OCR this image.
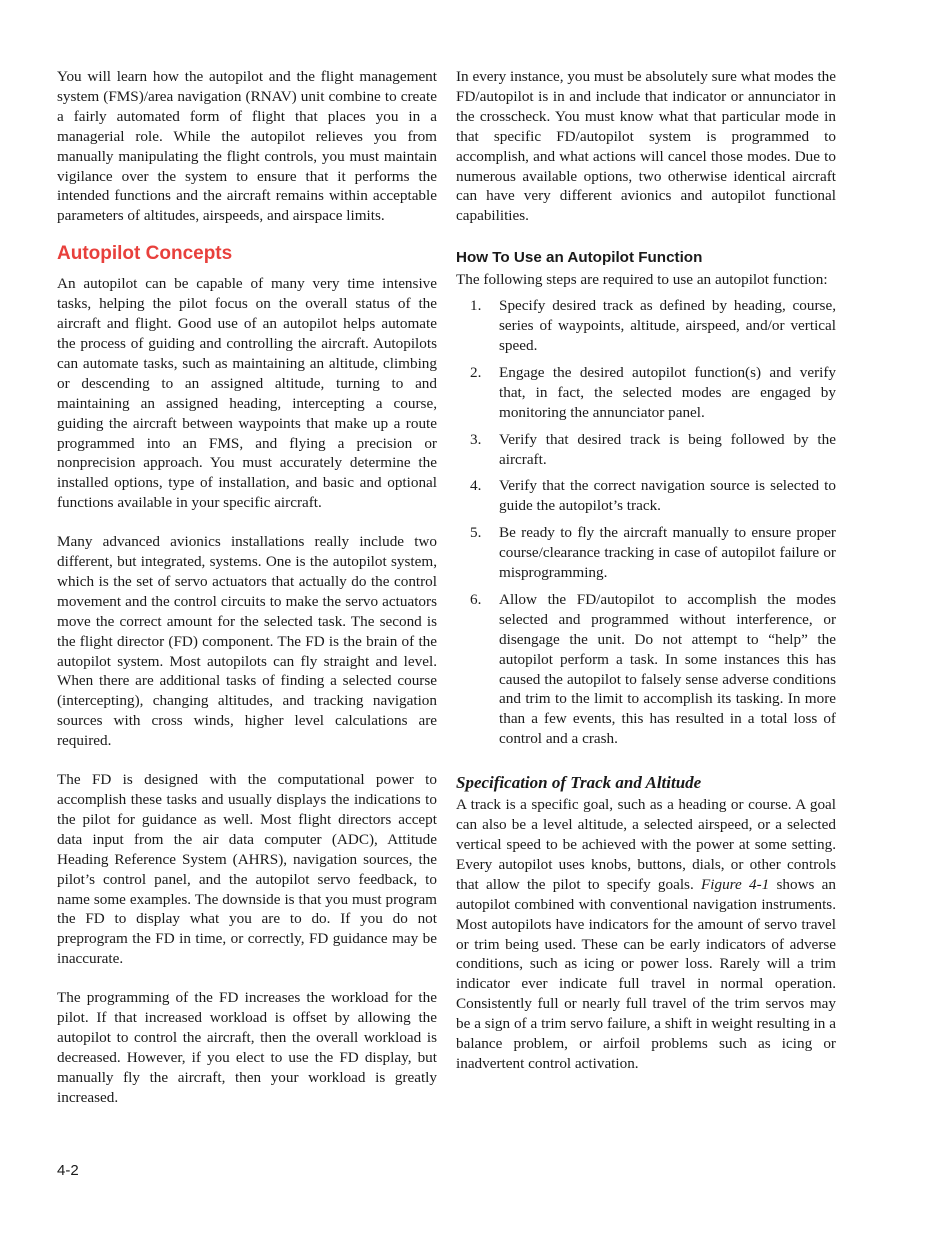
You will learn how the autopilot and the flight management system (FMS)/area navigation (RNAV) unit combine to create a fairly automated form of flight that places you in a managerial role. While the autopilot relieves you from manually manipulating the flight controls, you must maintain vigilance over the system to ensure that it performs the intended functions and the aircraft remains within acceptable parameters of altitudes, airspeeds, and airspace limits.

Autopilot Concepts

An autopilot can be capable of many very time intensive tasks, helping the pilot focus on the overall status of the aircraft and flight. Good use of an autopilot helps automate the process of guiding and controlling the aircraft. Autopilots can automate tasks, such as maintaining an altitude, climbing or descending to an assigned altitude, turning to and maintaining an assigned heading, intercepting a course, guiding the aircraft between waypoints that make up a route programmed into an FMS, and flying a precision or nonprecision approach. You must accurately determine the installed options, type of installation, and basic and optional functions available in your specific aircraft.

Many advanced avionics installations really include two different, but integrated, systems. One is the autopilot system, which is the set of servo actuators that actually do the control movement and the control circuits to make the servo actuators move the correct amount for the selected task. The second is the flight director (FD) component. The FD is the brain of the autopilot system. Most autopilots can fly straight and level. When there are additional tasks of finding a selected course (intercepting), changing altitudes, and tracking navigation sources with cross winds, higher level calculations are required.

The FD is designed with the computational power to accomplish these tasks and usually displays the indications to the pilot for guidance as well. Most flight directors accept data input from the air data computer (ADC), Attitude Heading Reference System (AHRS), navigation sources, the pilot’s control panel, and the autopilot servo feedback, to name some examples. The downside is that you must program the FD to display what you are to do. If you do not preprogram the FD in time, or correctly, FD guidance may be inaccurate.

The programming of the FD increases the workload for the pilot. If that increased workload is offset by allowing the autopilot to control the aircraft, then the overall workload is decreased. However, if you elect to use the FD display, but manually fly the aircraft, then your workload is greatly increased.

In every instance, you must be absolutely sure what modes the FD/autopilot is in and include that indicator or annunciator in the crosscheck. You must know what that particular mode in that specific FD/autopilot system is programmed to accomplish, and what actions will cancel those modes. Due to numerous available options, two otherwise identical aircraft can have very different avionics and autopilot functional capabilities.

How To Use an Autopilot Function

The following steps are required to use an autopilot function:

1. Specify desired track as defined by heading, course, series of waypoints, altitude, airspeed, and/or vertical speed.
2. Engage the desired autopilot function(s) and verify that, in fact, the selected modes are engaged by monitoring the annunciator panel.
3. Verify that desired track is being followed by the aircraft.
4. Verify that the correct navigation source is selected to guide the autopilot’s track.
5. Be ready to fly the aircraft manually to ensure proper course/clearance tracking in case of autopilot failure or misprogramming.
6. Allow the FD/autopilot to accomplish the modes selected and programmed without interference, or disengage the unit. Do not attempt to “help” the autopilot perform a task. In some instances this has caused the autopilot to falsely sense adverse conditions and trim to the limit to accomplish its tasking. In more than a few events, this has resulted in a total loss of control and a crash.
Specification of Track and Altitude

A track is a specific goal, such as a heading or course. A goal can also be a level altitude, a selected airspeed, or a selected vertical speed to be achieved with the power at some setting. Every autopilot uses knobs, buttons, dials, or other controls that allow the pilot to specify goals. Figure 4-1 shows an autopilot combined with conventional navigation instruments. Most autopilots have indicators for the amount of servo travel or trim being used. These can be early indicators of adverse conditions, such as icing or power loss. Rarely will a trim indicator ever indicate full travel in normal operation. Consistently full or nearly full travel of the trim servos may be a sign of a trim servo failure, a shift in weight resulting in a balance problem, or airfoil problems such as icing or inadvertent control activation.

4-2
